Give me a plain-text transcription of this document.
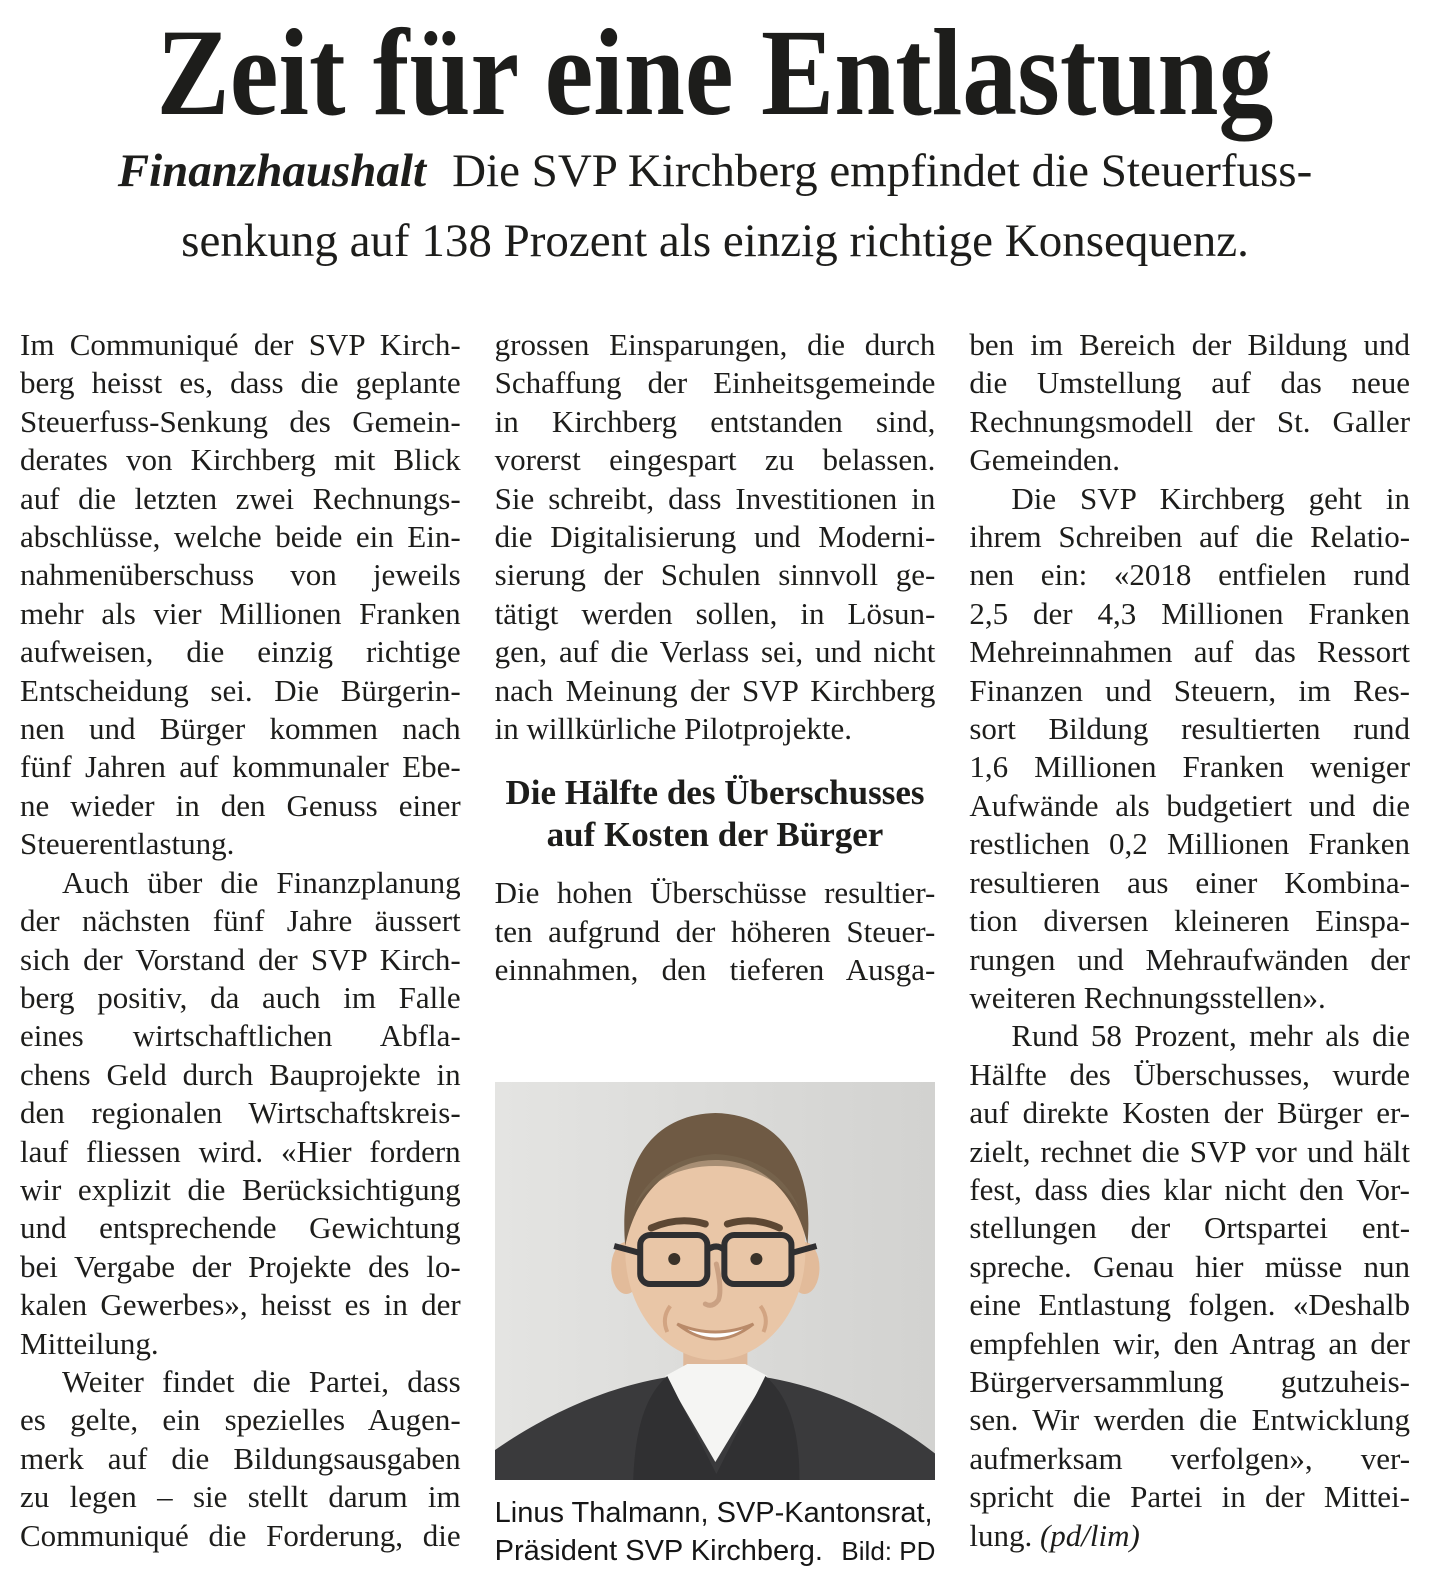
Zeit für eine Entlastung
Finanzhaushalt Die SVP Kirchberg empfindet die Steuerfuss-
senkung auf 138 Prozent als einzig richtige Konsequenz.
Im Communiqué der SVP Kirch-
berg heisst es, dass die geplante
Steuerfuss-Senkung des Gemein-
derates von Kirchberg mit Blick
auf die letzten zwei Rechnungs-
abschlüsse, welche beide ein Ein-
nahmenüberschuss von jeweils
mehr als vier Millionen Franken
aufweisen, die einzig richtige
Entscheidung sei. Die Bürgerin-
nen und Bürger kommen nach
fünf Jahren auf kommunaler Ebe-
ne wieder in den Genuss einer
Steuerentlastung.
Auch über die Finanzplanung
der nächsten fünf Jahre äussert
sich der Vorstand der SVP Kirch-
berg positiv, da auch im Falle
eines wirtschaftlichen Abfla-
chens Geld durch Bauprojekte in
den regionalen Wirtschaftskreis-
lauf fliessen wird. «Hier fordern
wir explizit die Berücksichtigung
und entsprechende Gewichtung
bei Vergabe der Projekte des lo-
kalen Gewerbes», heisst es in der
Mitteilung.
Weiter findet die Partei, dass
es gelte, ein spezielles Augen-
merk auf die Bildungsausgaben
zu legen – sie stellt darum im
Communiqué die Forderung, die
grossen Einsparungen, die durch
Schaffung der Einheitsgemeinde
in Kirchberg entstanden sind,
vorerst eingespart zu belassen.
Sie schreibt, dass Investitionen in
die Digitalisierung und Moderni-
sierung der Schulen sinnvoll ge-
tätigt werden sollen, in Lösun-
gen, auf die Verlass sei, und nicht
nach Meinung der SVP Kirchberg
in willkürliche Pilotprojekte.
Die Hälfte des Überschusses
auf Kosten der Bürger
Die hohen Überschüsse resultier-
ten aufgrund der höheren Steuer-
einnahmen, den tieferen Ausga-
Linus Thalmann, SVP-Kantonsrat,
Präsident SVP Kirchberg. Bild: PD
ben im Bereich der Bildung und
die Umstellung auf das neue
Rechnungsmodell der St. Galler
Gemeinden.
Die SVP Kirchberg geht in
ihrem Schreiben auf die Relatio-
nen ein: «2018 entfielen rund
2,5 der 4,3 Millionen Franken
Mehreinnahmen auf das Ressort
Finanzen und Steuern, im Res-
sort Bildung resultierten rund
1,6 Millionen Franken weniger
Aufwände als budgetiert und die
restlichen 0,2 Millionen Franken
resultieren aus einer Kombina-
tion diversen kleineren Einspa-
rungen und Mehraufwänden der
weiteren Rechnungsstellen».
Rund 58 Prozent, mehr als die
Hälfte des Überschusses, wurde
auf direkte Kosten der Bürger er-
zielt, rechnet die SVP vor und hält
fest, dass dies klar nicht den Vor-
stellungen der Ortspartei ent-
spreche. Genau hier müsse nun
eine Entlastung folgen. «Deshalb
empfehlen wir, den Antrag an der
Bürgerversammlung gutzuheis-
sen. Wir werden die Entwicklung
aufmerksam verfolgen», ver-
spricht die Partei in der Mittei-
lung. (pd/lim)
